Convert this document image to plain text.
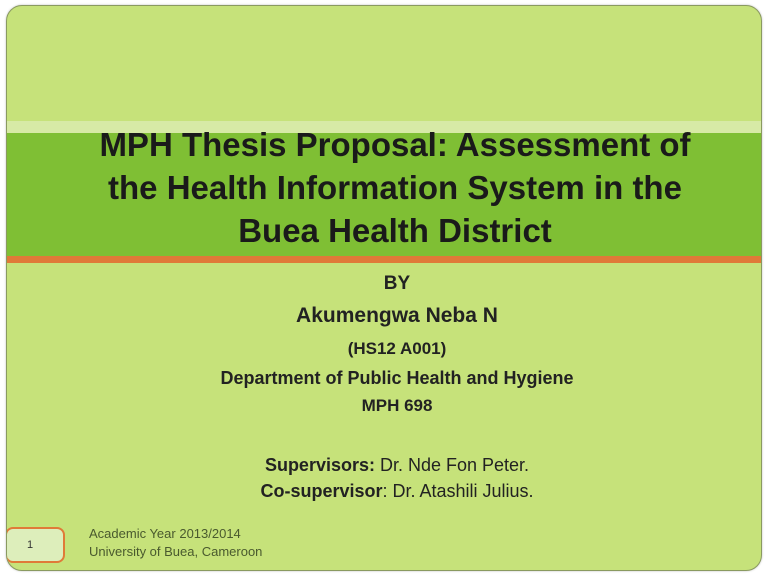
MPH Thesis Proposal: Assessment of
the Health Information System in the
Buea Health District

BY

Akumengwa Neba N

(HS12 A001)

Department of Public Health and Hygiene

MPH 698

Supervisors: Dr. Nde Fon Peter.
Co-supervisor: Dr. Atashili Julius.
1
Academic Year 2013/2014
University of Buea, Cameroon
